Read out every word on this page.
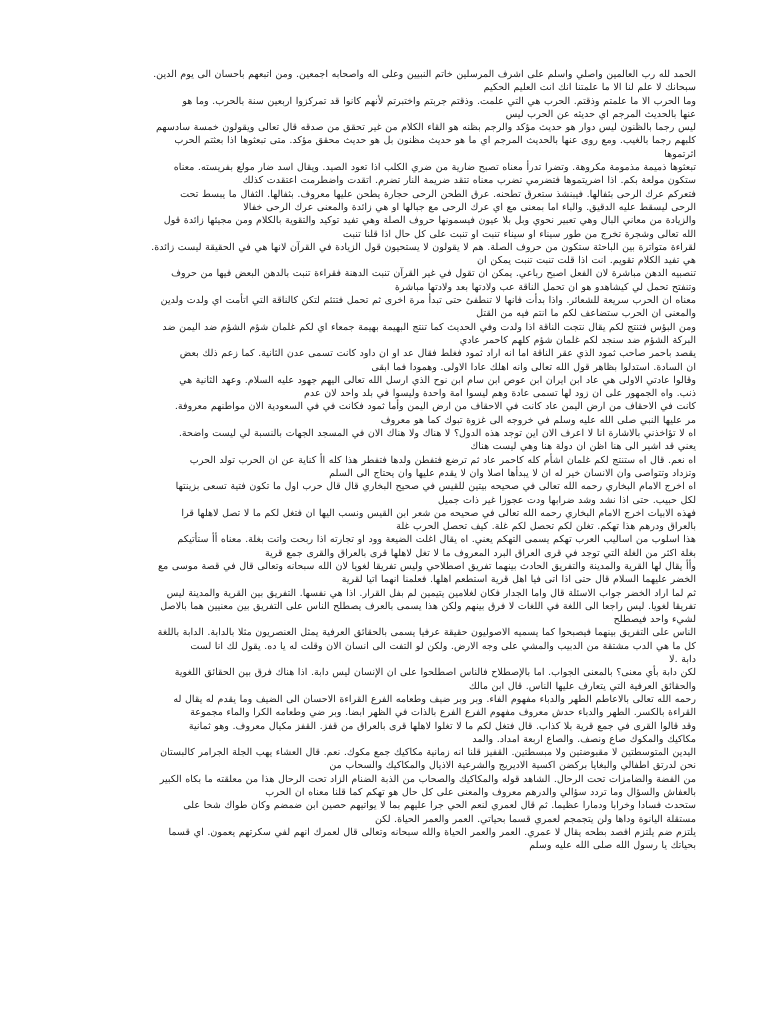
الحمد لله رب العالمين واصلي واسلم على اشرف المرسلين خاتم النبيين وعلى اله واصحابه اجمعين. ومن اتبعهم باحسان الى يوم الدين.

سبحانك لا علم لنا الا ما علمتنا انك انت العليم الحكيم

وما الحرب الا ما علمتم وذقتم. الحرب هي التي علمت. وذقتم جربتم واختبرتم لأنهم كانوا قد تمركزوا اربعين سنة بالحرب. وما هو

عنها بالحديث المرجم اي حديثه عن الحرب ليس

ليس رجما بالظنون ليس دوار هو حديث مؤكد والرجم بظنه هو القاء الكلام من غير تحقق من صدقه قال تعالى ويقولون خمسة سادسهم

كلبهم رجما بالغيب. ومع روى عنها بالحديث المرجم اي ما هو حديث مظنون بل هو حديث محقق مؤكد. متى تبعثوها اذا بعثتم الحرب

اثرتموها

تبعثوها ذميمة مذمومة مكروهة. وتضرا تدرأ معناه تصبح ضارية من ضري الكلب اذا تعود الصيد. ويقال اسد ضار مولع بفريسته. معناه

ستكون مولعة بكم. اذا اضريتموها فتضرمي تضرب معناه تتقد ضريمة النار تضرم. اتقدت واضطرمت اعتقدت كذلك

فتعركم عرك الرحى بثفالها. فيبنشذ ستعرق تطحنه. عرق الطحن الرحى حجارة يطحن عليها معروف. بثفالها. الثفال ما يبسط تحت

الرحى ليسقط عليه الدقيق. والباء اما بمعنى مع اي عرك الرحى مع جبالها او هي زائدة والمعنى عرك الرحى خفالا

والزيادة من معاني البال وهي تعبير نحوي وبل بلا عيون فيسمونها حروف الصلة وهي تفيد توكيد والتقوية بالكلام ومن مجيئها زائدة قول

الله تعالى وشجرة تخرج من طور سيناء او سيناء تنبت او تنبت على كل حال اذا قلنا تنبت

لقراءة متواترة بين الباحثة ستكون من حروف الصلة. هم لا يقولون لا يستحيون قول الزيادة في القرآن لانها هي في الحقيقة ليست زائدة.

هي تفيد الكلام تقويم. انت اذا قلت تنبت تنبت يمكن ان

تنصبيه الدهن مباشرة لان الفعل اصبح رباعي. يمكن ان تقول في غير القرآن تنبت الدهنة فقراءة تنبت بالدهن البعض فيها من حروف

وتنفتح تحمل لي كيشاهدو هو ان تحمل الناقة عب ولادتها بعد ولادتها مباشرة

معناه ان الحرب سريعة للشعائر. واذا بدأت فانها لا تنطفئ حتى تبدأ مرة اخرى ثم تحمل فتتئم لتكن كالناقة التي اتأمت اي ولدت ولدين

والمعنى ان الحرب ستضاعف لكم ما انتم فيه من القتل

ومن البؤس فتنتج لكم يقال نتجت الناقة اذا ولدت وفي الحديث كما تنتج البهيمة بهيمة جمعاء اي لكم غلمان شؤم الشؤم ضد اليمن ضد

البركة الشؤم ضد سنجد لكم غلمان شؤم كلهم كاحمر عادي

يقصد باحمر صاحب ثمود الذي عقر الناقة اما انه اراد ثمود فغلط فقال عد او ان داود كانت تسمى عدن الثانية. كما زعم ذلك بعض

ان السادة. استدلوا بظاهر قول الله تعالى وانه اهلك عادا الاولى. وهمودا فما ابقى

وقالوا عادتي الاولى هي عاد ابن ايران ابن عوص ابن سام ابن نوح الذي ارسل الله تعالى اليهم جهود عليه السلام. وعهد الثانية هي

ذنب. واه الجمهور على ان زود لها تسمى عادة وهم ليسوا امة واحدة وليسوا في بلد واحد لان عدم

كانت في الاحقاف من ارض اليمن عاد كانت في الاحقاف من ارض اليمن وأما ثمود فكانت في في السعودية الان مواطنهم معروفة.

مر عليها النبي صلى الله عليه وسلم في خروجه الى غزوة تبوك كما هو معروف

اه لا تؤاخذني بالاشارة انا لا اعرف الان اين توجد هذه الدول؟ لا هناك ولا هناك الان في المسجد الجهات بالنسبة لي ليست واضحة.

يعني قد اشير الى هنا اظن ان دولة هنا وهي ليست هناك

اه نعم. قال اه ستنتج لكم غلمان اشأم كله كاحمر عاد ثم ترضع فتفطن ولدها فتفطر هذا كله اأ كناية عن ان الحرب تولد الحرب

وتزداد وتتواصى وان الانسان خير له ان لا يبدأها اصلا وان لا يقدم عليها وان يحتاج الى السلم

اه اخرج الامام البخاري رحمه الله تعالى في صحيحه بيتين للقيس في صحيح البخاري قال قال حرب اول ما تكون فتية تسعى بزينتها

لكل حبيب. حتى اذا نشد وشد ضرابها ودت عجوزا غير ذات جميل

فهذه الابيات اخرج الامام البخاري رحمه الله تعالى في صحيحه من شعر ابن القيس ونسب اليها ان فتغل لكم ما لا تصل لاهلها قرا

بالعراق ودرهم هذا تهكم. تغلن لكم تحصل لكم غلة. كيف تحصل الحرب غلة

هذا اسلوب من اساليب العرب تهكم يسمى التهكم يعني. اه يقال اغلت الضيعة وود او تجارته اذا ربحت واتت بغلة. معناه أأ ستأتيكم

بغلة اكثر من الغلة التي توجد في قرى العراق البرد المعروف ما لا تغل لاهلها قرى بالعراق والقرى جمع قرية

وأأ يقال لها القرية والمدينة والتفريق الحادث بينهما تفريق اصطلاحي وليس تفريقا لغويا لان الله سبحانه وتعالى قال في قصة موسى مع

الخضر عليهما السلام قال حتى اذا اتى فيا اهل قرية استطعم اهلها. فعلمنا انهما اتيا لقرية

ثم لما اراد الخضر جواب الاسئلة قال واما الجدار فكان لغلامين يتيمين لم بفل القرار. اذا هي نفسها. التفريق بين القرية والمدينة ليس

تفريقا لغويا. ليس راجعا الى اللغة في اللغات لا فرق بينهم ولكن هذا يسمى بالعرف يصطلح الناس على التفريق بين معنيين هما بالاصل

لشيء واحد فيصطلح

الناس على التفريق بينهما فيصبحوا كما يسميه الاصوليون حقيقة عرفيا يسمى بالحقائق العرفية يمثل العنصريون مثلا بالدابة. الدابة باللغة

كل ما هي الدب مشتقة من الدبيب والمشي على وجه الارض. ولكن لو التفت الى انسان الان وقلت له يا ده. يقول لك انا لست

دابة .لا

لكن دابة بأي معنى؟ بالمعنى الجواب. اما بالإصطلاح فالناس اصطلحوا على ان الإنسان ليس دابة. اذا هناك فرق بين الحقائق اللغوية

والحقائق العرفية التي يتعارف عليها الناس. قال ابن مالك

رحمه الله تعالى بالاعاطم الطهر والدباء مفهوم الفاء. وبر وبر ضيف وطعامه الفرع القراءة الاحسان الى الضيف وما يقدم له يقال له

القراءة بالكسر. الطهر والدباء حدش معروف مفهوم الفرع الفرع بالذات في الظهر ابضا. وبر ضي وطعامه الكرا والماء مجموعة

وقد قالوا القرى في جمع قرية بلا كذاب. قال فتغل لكم ما لا تغلوا لاهلها قرى بالعراق من قفز. القفز مكيال معروف. وهو ثمانية

مكاكيك والمكوك صاع ونصف. والصاع اربعة امداد. والمد

اليدين المتوسطتين لا مقبوضتين ولا مبسطتين. القفيز قلنا انه زمانية مكاكيك جمع مكوك. نعم. قال العشاء يهب الجلة الجرامر كالبستان

نحن لدرتق اطفالي والبغايا بركضن اكسية الاديريج والشرعية الاذيال والمكاكيك والسحاب من

من الفضة والضامزات تحت الرحال. الشاهد قوله والمكاكيك والصحاب من الذبة الضنام الزاد تحت الرحال هذا من معلقته ما بكاه الكبير

بالعفاش والسؤال وما تردد سؤالي والدرهم معروف والمعنى على كل حال هو تهكم كما قلنا معناه ان الحرب

ستحدث فسادا وخرابا ودمارا عظيما. ثم قال لعمري لنعم الحي جرا عليهم بما لا يواتيهم حصين ابن ضمضم وكان طواك شحا على

مستقلة اليانوة وداها ولن يتجمجم لعمري قسما بحياتي. العمر والعمر الحياة. لكن

يلتزم ضم يلتزم افصد بطحه يقال لا عمري. العمر والعمر الحياة والله سبحانه وتعالى قال لعمرك انهم لفي سكرتهم يعمون. اي قسما

بحياتك يا رسول الله صلى الله عليه وسلم
